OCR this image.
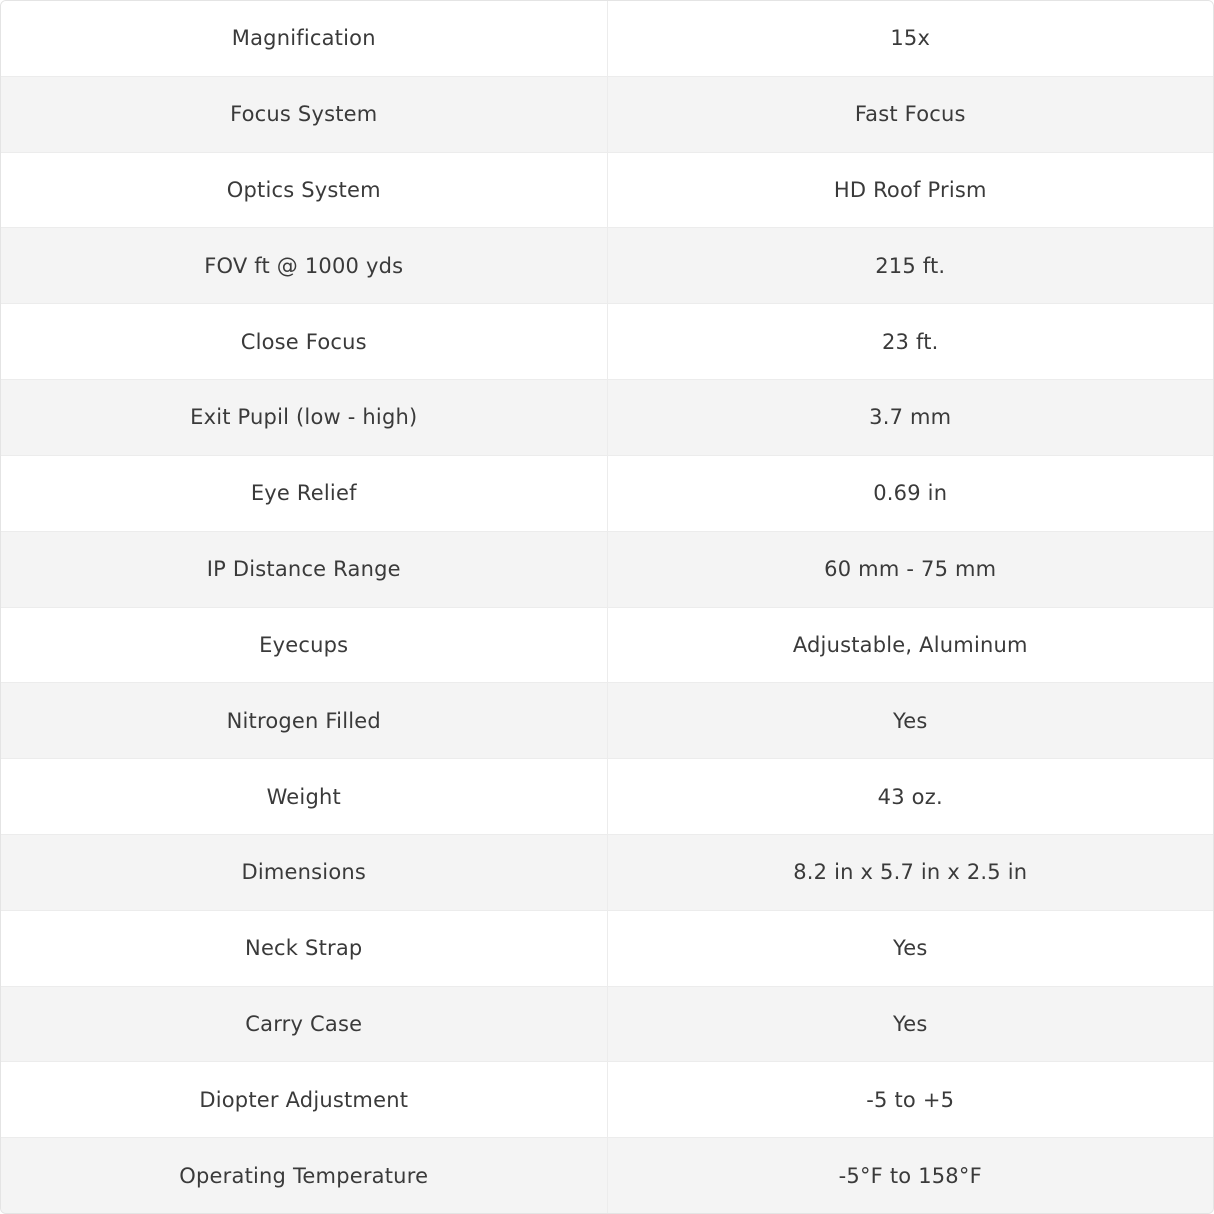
Magnification	15x
Focus System	Fast Focus
Optics System	HD Roof Prism
FOV ft @ 1000 yds	215 ft.
Close Focus	23 ft.
Exit Pupil (low - high)	3.7 mm
Eye Relief	0.69 in
IP Distance Range	60 mm - 75 mm
Eyecups	Adjustable, Aluminum
Nitrogen Filled	Yes
Weight	43 oz.
Dimensions	8.2 in x 5.7 in x 2.5 in
Neck Strap	Yes
Carry Case	Yes
Diopter Adjustment	-5 to +5
Operating Temperature	-5°F to 158°F
